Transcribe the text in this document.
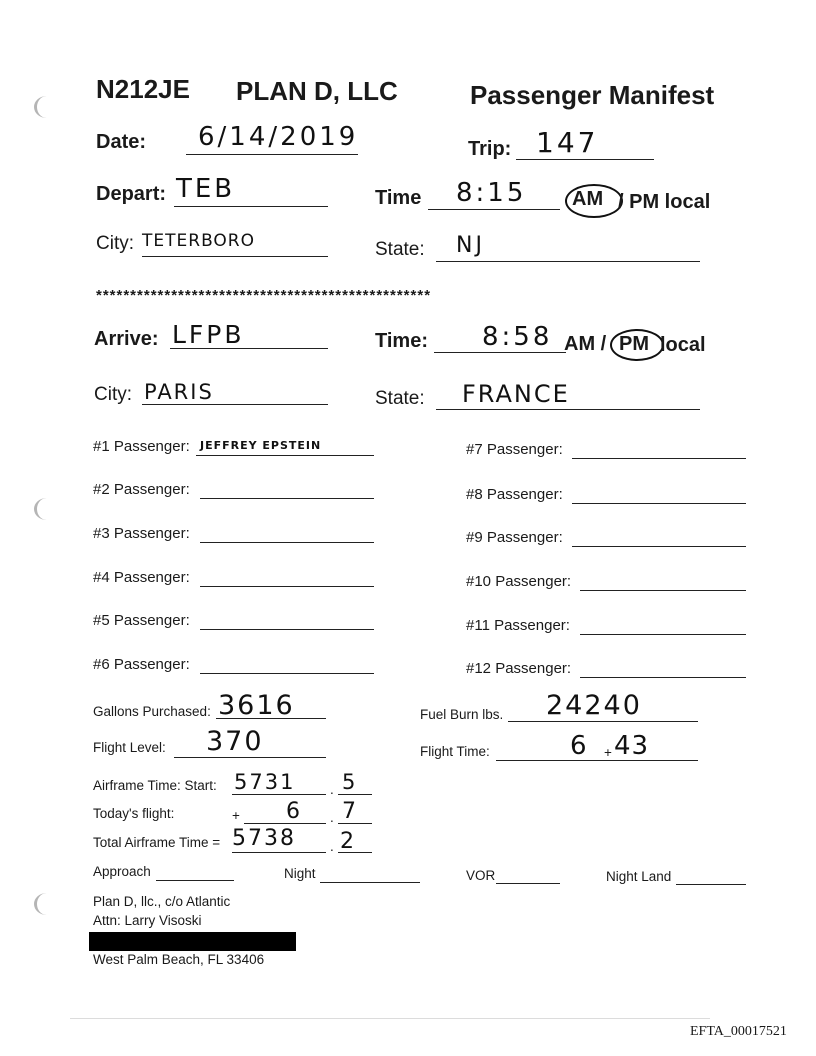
N212JE PLAN D, LLC	Passenger Manifest
Date: 6/14/2019	Trip: 147
Depart: TEB	Time 8:15 AM / PM local
City: TETERBORO	State: NJ
*************************************************
Arrive: LFPB	Time: 8:58 AM / PM local
City: PARIS	State: FRANCE
#1 Passenger: JEFFREY EPSTEIN
#2 Passenger:
#3 Passenger:
#4 Passenger:
#5 Passenger:
#6 Passenger:
#7 Passenger:
#8 Passenger:
#9 Passenger:
#10 Passenger:
#11 Passenger:
#12 Passenger:
Gallons Purchased: 3616	Fuel Burn lbs. 24240
Flight Level: 370	Flight Time:	6 + 43
Airframe Time: Start: 5731	. 5
Today's flight:	+ 6 . 7
Total Airframe Time = 5738	. 2
Approach	Night	VOR	Night Land
Plan D, llc., c/o Atlantic
Attn: Larry Visoski
West Palm Beach, FL 33406
EFTA_00017521
